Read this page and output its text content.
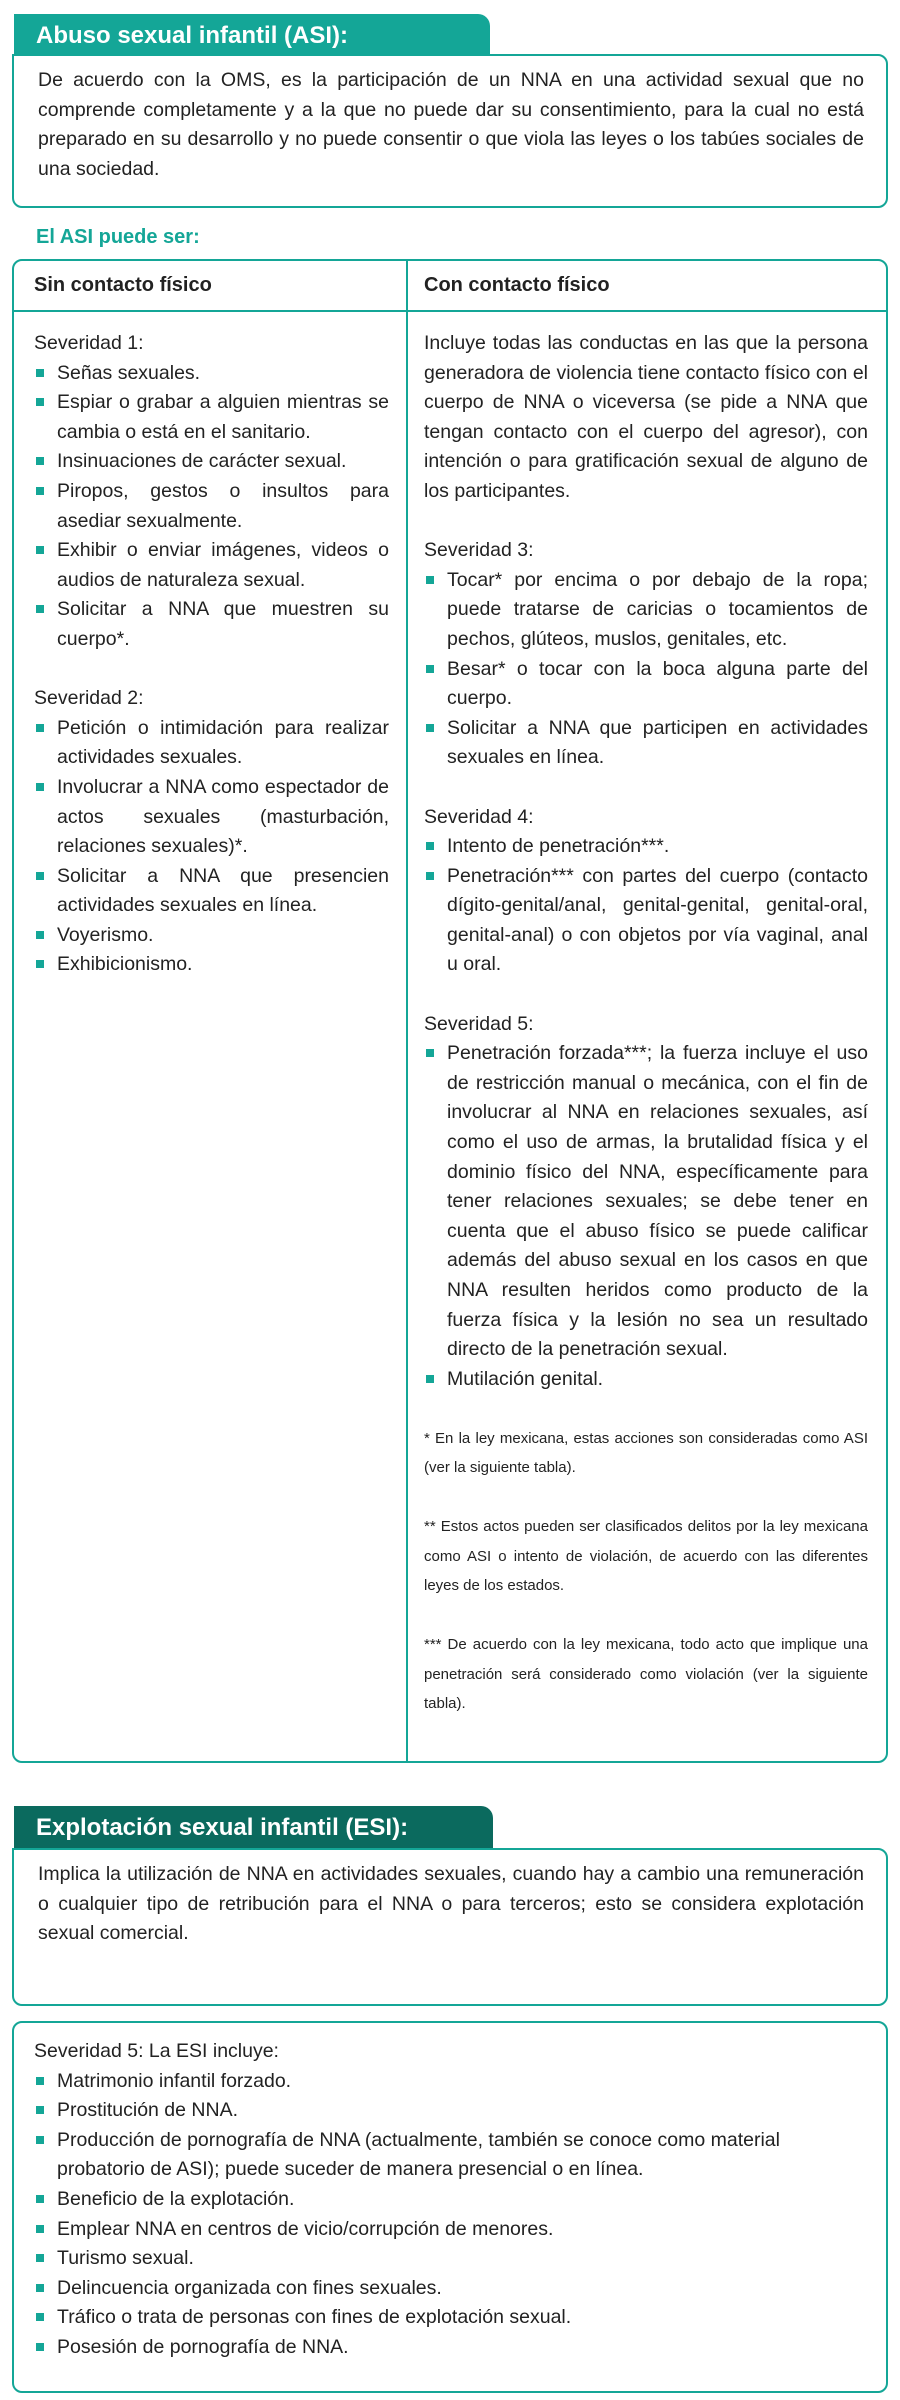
Abuso sexual infantil (ASI):

De acuerdo con la OMS, es la participación de un NNA en una actividad sexual que no comprende completamente y a la que no puede dar su consentimiento, para la cual no está preparado en su desarrollo y no puede consentir o que viola las leyes o los tabúes sociales de una sociedad.

El ASI puede ser:
Sin contacto físico	Con contacto físico

Severidad 1:

Señas sexuales.
Espiar o grabar a alguien mientras se cambia o está en el sanitario.
Insinuaciones de carácter sexual.
Piropos, gestos o insultos para asediar sexualmente.
Exhibir o enviar imágenes, videos o audios de naturaleza sexual.
Solicitar a NNA que muestren su cuerpo*.

Severidad 2:

Petición o intimidación para realizar actividades sexuales.
Involucrar a NNA como espectador de actos sexuales (masturbación, relaciones sexuales)*.
Solicitar a NNA que presencien actividades sexuales en línea.
Voyerismo.
Exhibicionismo.

Incluye todas las conductas en las que la persona generadora de violencia tiene contacto físico con el cuerpo de NNA o viceversa (se pide a NNA que tengan contacto con el cuerpo del agresor), con intención o para gratificación sexual de alguno de los participantes.

Severidad 3:

Tocar* por encima o por debajo de la ropa; puede tratarse de caricias o tocamientos de pechos, glúteos, muslos, genitales, etc.
Besar* o tocar con la boca alguna parte del cuerpo.
Solicitar a NNA que participen en actividades sexuales en línea.

Severidad 4:

Intento de penetración***.
Penetración*** con partes del cuerpo (contacto dígito-genital/anal, genital-genital, genital-oral, genital-anal) o con objetos por vía vaginal, anal u oral.

Severidad 5:

Penetración forzada***; la fuerza incluye el uso de restricción manual o mecánica, con el fin de involucrar al NNA en relaciones sexuales, así como el uso de armas, la brutalidad física y el dominio físico del NNA, específicamente para tener relaciones sexuales; se debe tener en cuenta que el abuso físico se puede calificar además del abuso sexual en los casos en que NNA resulten heridos como producto de la fuerza física y la lesión no sea un resultado directo de la penetración sexual.
Mutilación genital.

* En la ley mexicana, estas acciones son consideradas como ASI (ver la siguiente tabla).

** Estos actos pueden ser clasificados delitos por la ley mexicana como ASI o intento de violación, de acuerdo con las diferentes leyes de los estados.

*** De acuerdo con la ley mexicana, todo acto que implique una penetración será considerado como violación (ver la siguiente tabla).

Explotación sexual infantil (ESI):

Implica la utilización de NNA en actividades sexuales, cuando hay a cambio una remuneración o cualquier tipo de retribución para el NNA o para terceros; esto se considera explotación sexual comercial.

Severidad 5: La ESI incluye:

Matrimonio infantil forzado.
Prostitución de NNA.
Producción de pornografía de NNA (actualmente, también se conoce como material probatorio de ASI); puede suceder de manera presencial o en línea.
Beneficio de la explotación.
Emplear NNA en centros de vicio/corrupción de menores.
Turismo sexual.
Delincuencia organizada con fines sexuales.
Tráfico o trata de personas con fines de explotación sexual.
Posesión de pornografía de NNA.
